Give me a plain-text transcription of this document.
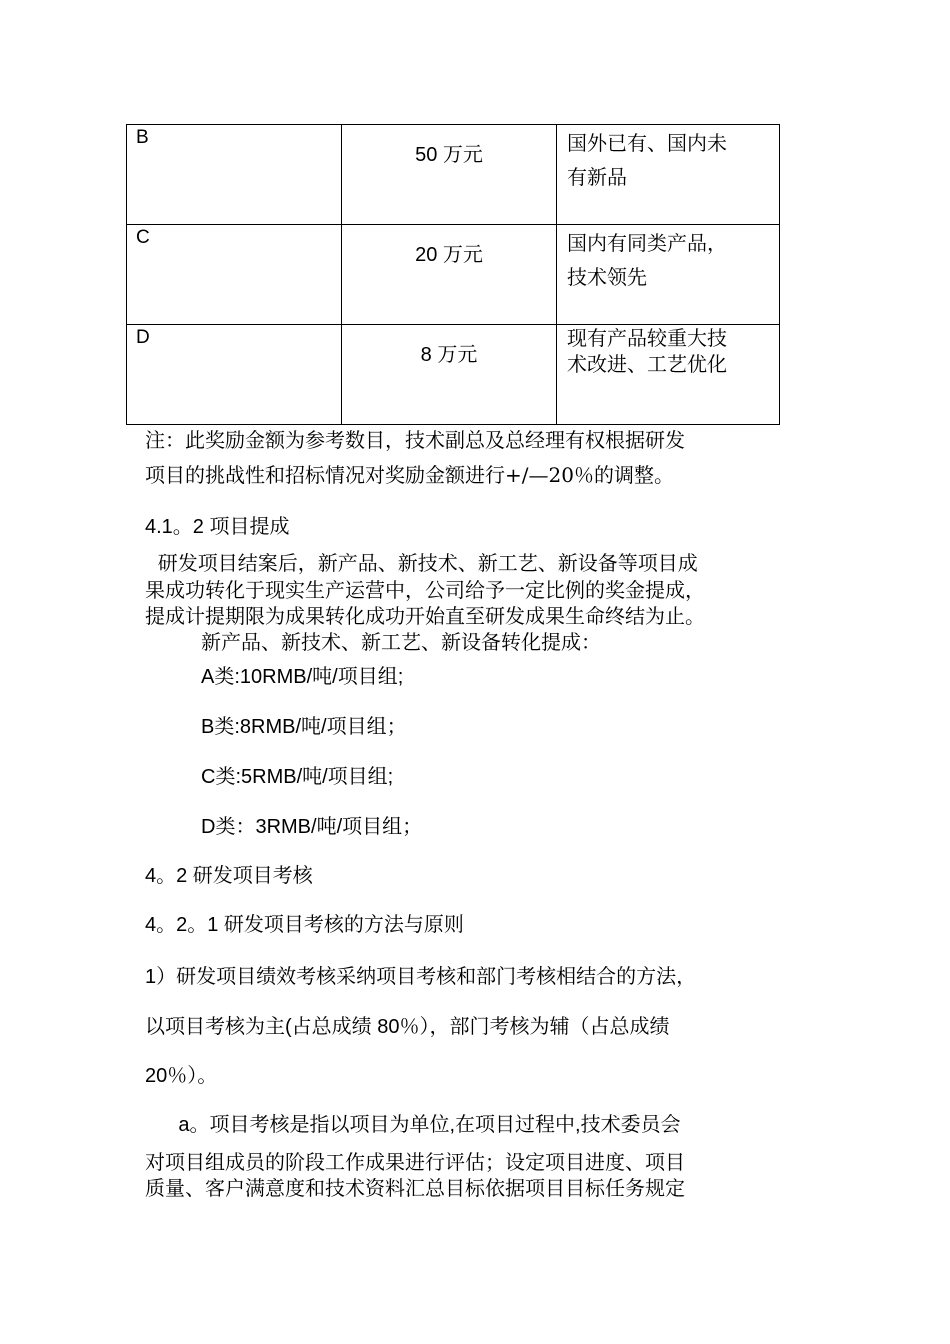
B	50 万元	国外已有、国内未
有新品

C	20 万元	国内有同类产品，
技术领先

D	8 万元	现有产品较重大技
术改进、工艺优化
注：此奖励金额为参考数目，技术副总及总经理有权根据研发
项目的挑战性和招标情况对奖励金额进行+/—20％的调整。
4.1。2 项目提成
研发项目结案后，新产品、新技术、新工艺、新设备等项目成
果成功转化于现实生产运营中，公司给予一定比例的奖金提成，
提成计提期限为成果转化成功开始直至研发成果生命终结为止。
新产品、新技术、新工艺、新设备转化提成：
A类:10RMB/吨/项目组;
B类:8RMB/吨/项目组；
C类:5RMB/吨/项目组;
D类：3RMB/吨/项目组；
4。2 研发项目考核
4。2。1 研发项目考核的方法与原则
1）研发项目绩效考核采纳项目考核和部门考核相结合的方法，
以项目考核为主(占总成绩 80％），部门考核为辅（占总成绩
20％）。
a。项目考核是指以项目为单位,在项目过程中,技术委员会
对项目组成员的阶段工作成果进行评估；设定项目进度、项目
质量、客户满意度和技术资料汇总目标依据项目目标任务规定
